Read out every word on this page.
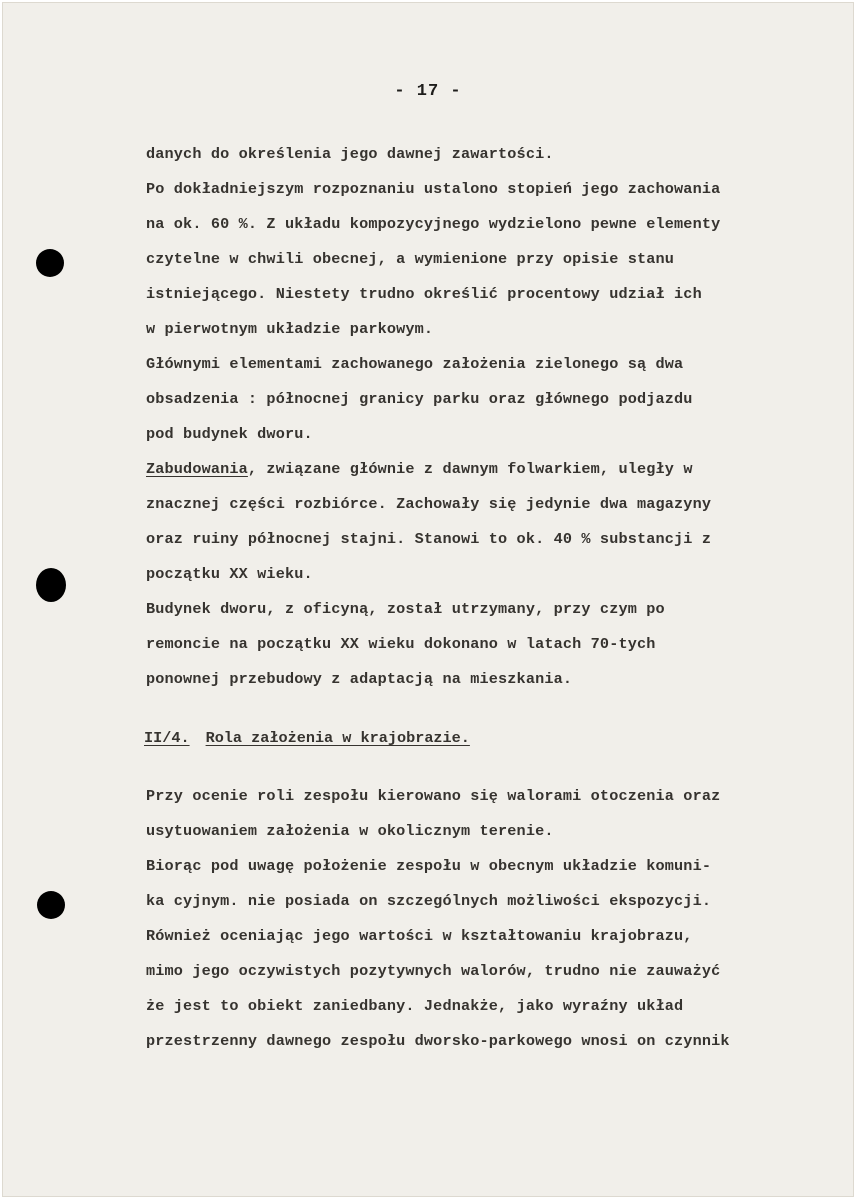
- 17 -
danych do określenia jego dawnej zawartości.
Po dokładniejszym rozpoznaniu ustalono stopień jego zachowania
na ok. 60 %. Z układu kompozycyjnego wydzielono pewne elementy
czytelne w chwili obecnej, a wymienione przy opisie stanu
istniejącego. Niestety trudno określić procentowy udział ich
w pierwotnym układzie parkowym.
Głównymi elementami zachowanego założenia zielonego są dwa
obsadzenia : północnej granicy parku oraz głównego podjazdu
pod budynek dworu.
Zabudowania, związane głównie z dawnym folwarkiem, uległy w
znacznej części rozbiórce. Zachowały się jedynie dwa magazyny
oraz ruiny północnej stajni. Stanowi to ok. 40 % substancji z
początku XX wieku.
Budynek dworu, z oficyną, został utrzymany, przy czym po
remoncie na początku XX wieku dokonano w latach 70-tych
ponownej przebudowy z adaptacją na mieszkania.
II/4. Rola założenia w krajobrazie.
Przy ocenie roli zespołu kierowano się walorami otoczenia oraz
usytuowaniem założenia w okolicznym terenie.
Biorąc pod uwagę położenie zespołu w obecnym układzie komuni-
ka cyjnym. nie posiada on szczególnych możliwości ekspozycji.
Również oceniając jego wartości w kształtowaniu krajobrazu,
mimo jego oczywistych pozytywnych walorów, trudno nie zauważyć
że jest to obiekt zaniedbany. Jednakże, jako wyraźny układ
przestrzenny dawnego zespołu dworsko-parkowego wnosi on czynnik
